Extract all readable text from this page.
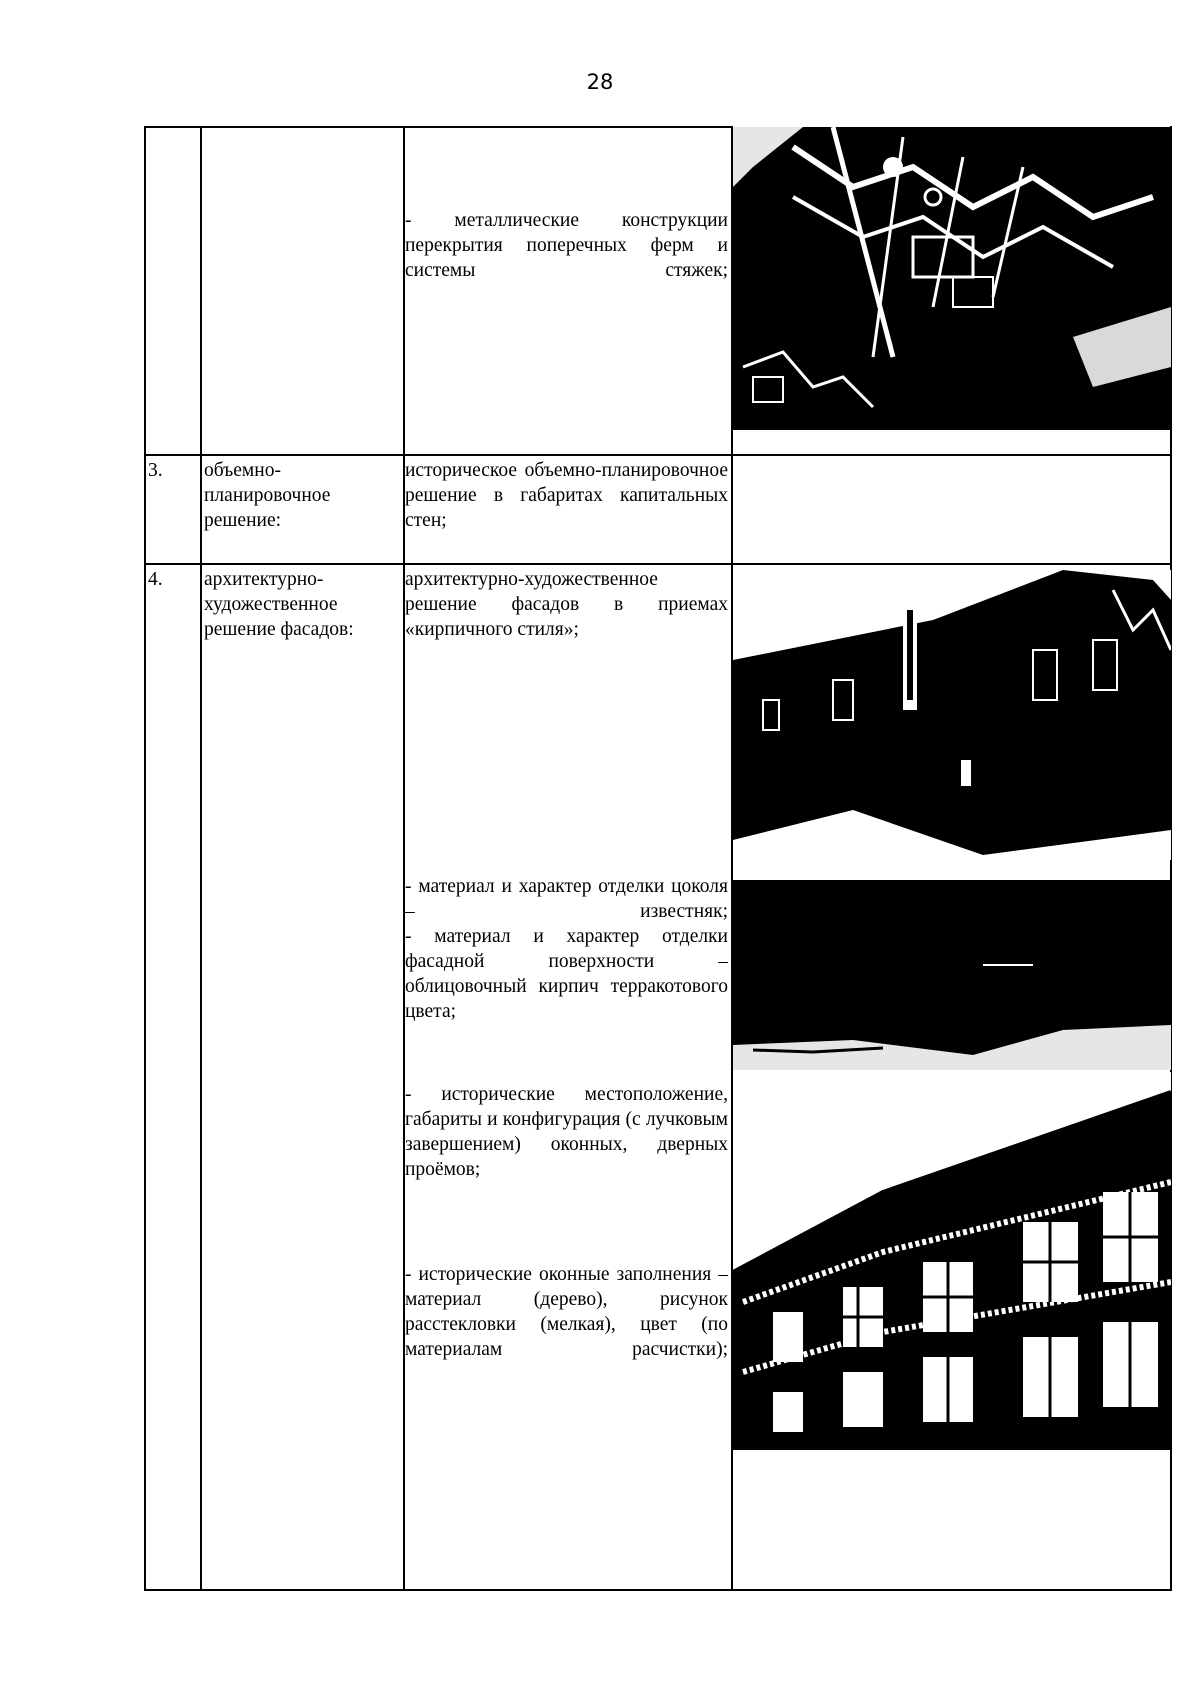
28
- металлические конструкции перекрытия поперечных ферм и системы стяжек;
3. объемно-планировочное решение:
историческое объемно-планировочное решение в габаритах капитальных стен;
4. архитектурно-художественное решение фасадов:
архитектурно-художественное решение фасадов в приемах «кирпичного стиля»;
- материал и характер отделки цоколя – известняк;
- материал и характер отделки фасадной поверхности – облицовочный кирпич терракотового цвета;
- исторические местоположение, габариты и конфигурация (с лучковым завершением) оконных, дверных проёмов;
- исторические оконные заполнения – материал (дерево), рисунок расстекловки (мелкая), цвет (по материалам расчистки);
